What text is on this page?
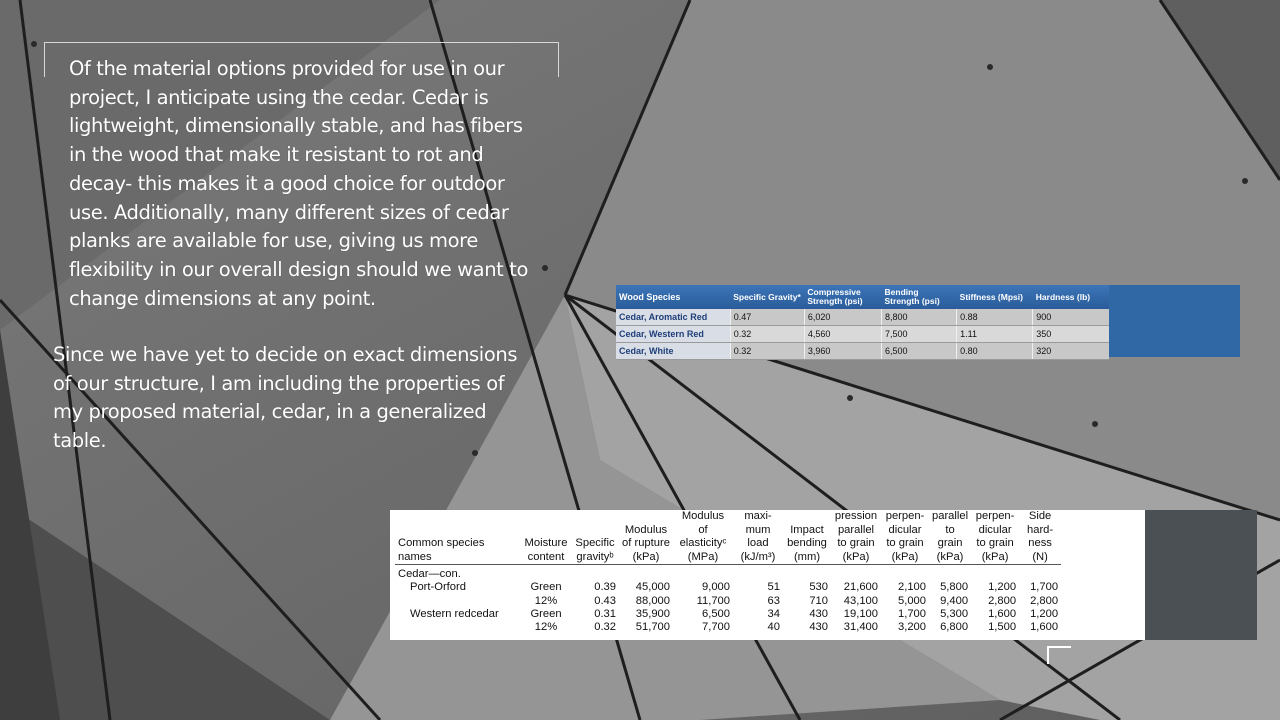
Of the material options provided for use in our project, I anticipate using the cedar. Cedar is lightweight, dimensionally stable, and has fibers in the wood that make it resistant to rot and decay- this makes it a good choice for outdoor use. Additionally, many different sizes of cedar planks are available for use, giving us more flexibility in our overall design should we want to change dimensions at any point.
Since we have yet to decide on exact dimensions of our structure, I am including the properties of my proposed material, cedar, in a generalized table.
Wood Species	Specific Gravity*	Compressive Strength (psi)	Bending Strength (psi)	Stiffness (Mpsi)	Hardness (lb)
Cedar, Aromatic Red	0.47	6,020	8,800	0.88	900
Cedar, Western Red	0.32	4,560	7,500	1.11	350
Cedar, White	0.32	3,960	6,500	0.80	320
Common species names	Moisture content	Specific gravityᵇ	Modulus of rupture (kPa)	Modulus of elasticityᶜ (MPa)	maxi- mum load (kJ/m³)	Impact bending (mm)	pression parallel to grain (kPa)	perpen- dicular to grain (kPa)	parallel to grain (kPa)	perpen- dicular to grain (kPa)	Side hard- ness (N)
Cedar—con.											
Port-Orford	Green	0.39	45,000	9,000	51	530	21,600	2,100	5,800	1,200	1,700
	12%	0.43	88,000	11,700	63	710	43,100	5,000	9,400	2,800	2,800
Western redcedar	Green	0.31	35,900	6,500	34	430	19,100	1,700	5,300	1,600	1,200
	12%	0.32	51,700	7,700	40	430	31,400	3,200	6,800	1,500	1,600
